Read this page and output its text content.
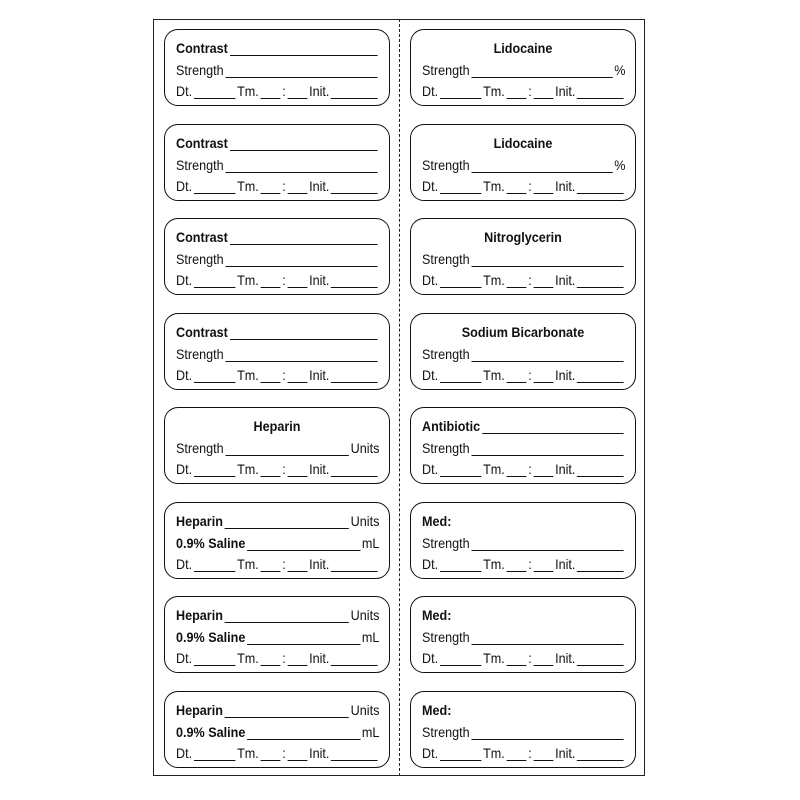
Contrast
Strength
Dt.	Tm. : Init.
Contrast
Strength
Dt.	Tm. : Init.
Contrast
Strength
Dt.	Tm. : Init.
Contrast
Strength
Dt.	Tm. : Init.
Heparin
Strength	Units
Dt.	Tm. : Init.
Heparin	Units
0.9% Saline	mL
Dt.	Tm. : Init.
Heparin	Units
0.9% Saline	mL
Dt.	Tm. : Init.
Heparin	Units
0.9% Saline	mL
Dt.	Tm. : Init.
Lidocaine
Strength	%
Dt.	Tm. : Init.
Lidocaine
Strength	%
Dt.	Tm. : Init.
Nitroglycerin
Strength
Dt.	Tm. : Init.
Sodium Bicarbonate
Strength
Dt.	Tm. : Init.
Antibiotic
Strength
Dt.	Tm. : Init.
Med:
Strength
Dt.	Tm. : Init.
Med:
Strength
Dt.	Tm. : Init.
Med:
Strength
Dt.	Tm. : Init.
